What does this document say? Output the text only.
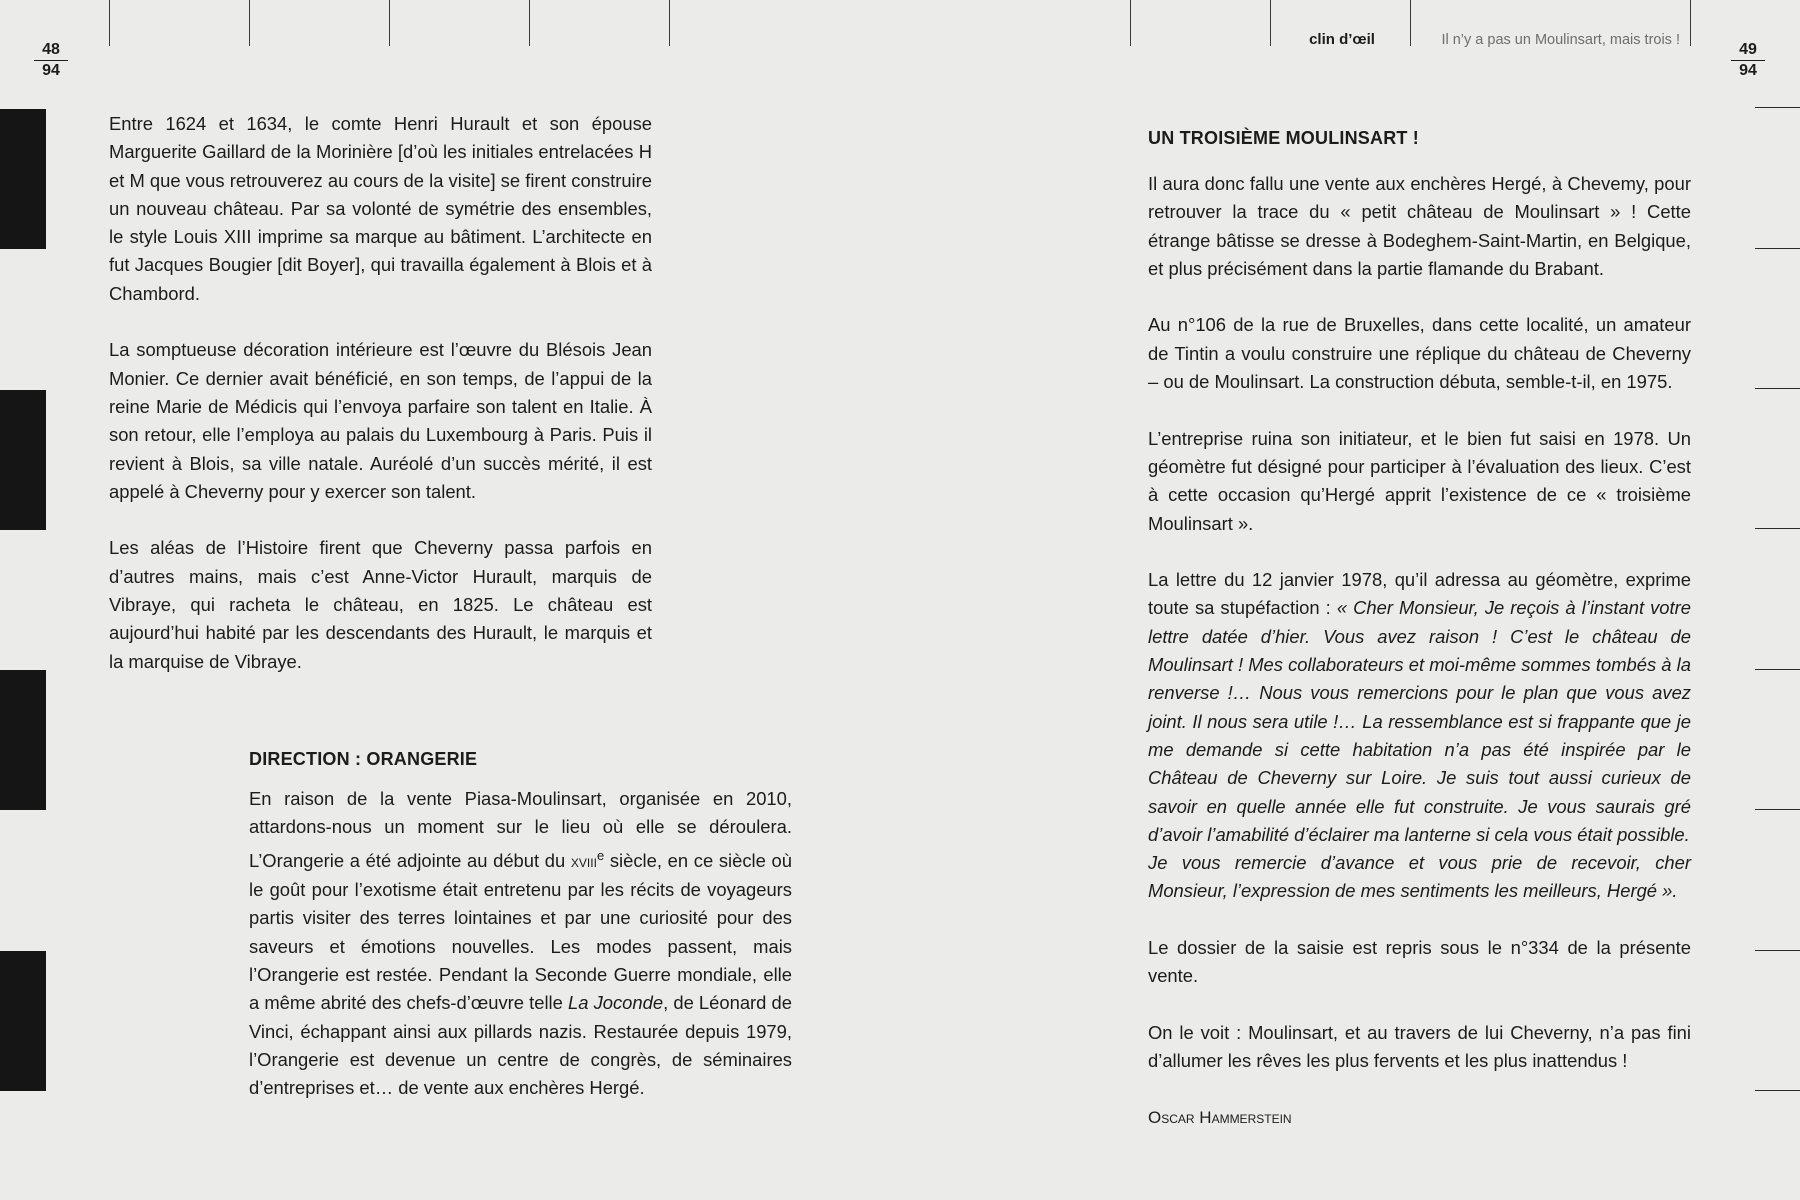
48
94
49
94
clin d’œil	Il n’y a pas un Moulinsart, mais trois !

Entre 1624 et 1634, le comte Henri Hurault et son épouse Marguerite Gaillard de la Morinière [d’où les initiales entrelacées H et M que vous retrouverez au cours de la visite] se firent construire un nouveau château. Par sa volonté de symétrie des ensembles, le style Louis XIII imprime sa marque au bâtiment. L’architecte en fut Jacques Bougier [dit Boyer], qui travailla également à Blois et à Chambord.

La somptueuse décoration intérieure est l’œuvre du Blésois Jean Monier. Ce dernier avait bénéficié, en son temps, de l’appui de la reine Marie de Médicis qui l’envoya parfaire son talent en Italie. À son retour, elle l’employa au palais du Luxembourg à Paris. Puis il revient à Blois, sa ville natale. Auréolé d’un succès mérité, il est appelé à Cheverny pour y exercer son talent.

Les aléas de l’Histoire firent que Cheverny passa parfois en d’autres mains, mais c’est Anne-Victor Hurault, marquis de Vibraye, qui racheta le château, en 1825. Le château est aujourd’hui habité par les descendants des Hurault, le marquis et la marquise de Vibraye.

DIRECTION : ORANGERIE

En raison de la vente Piasa-Moulinsart, organisée en 2010, attardons-nous un moment sur le lieu où elle se déroulera. L’Orangerie a été adjointe au début du xviii$^e$ siècle, en ce siècle où le goût pour l’exotisme était entretenu par les récits de voyageurs partis visiter des terres lointaines et par une curiosité pour des saveurs et émotions nouvelles. Les modes passent, mais l’Orangerie est restée. Pendant la Seconde Guerre mondiale, elle a même abrité des chefs-d’œuvre telle La Joconde, de Léonard de Vinci, échappant ainsi aux pillards nazis. Restaurée depuis 1979, l’Orangerie est devenue un centre de congrès, de séminaires d’entreprises et… de vente aux enchères Hergé.

UN TROISIÈME MOULINSART !

Il aura donc fallu une vente aux enchères Hergé, à Chevemy, pour retrouver la trace du « petit château de Moulinsart » ! Cette étrange bâtisse se dresse à Bodeghem-Saint-Martin, en Belgique, et plus précisément dans la partie flamande du Brabant.

Au n°106 de la rue de Bruxelles, dans cette localité, un amateur de Tintin a voulu construire une réplique du château de Cheverny – ou de Moulinsart. La construction débuta, semble-t-il, en 1975.

L’entreprise ruina son initiateur, et le bien fut saisi en 1978. Un géomètre fut désigné pour participer à l’évaluation des lieux. C’est à cette occasion qu’Hergé apprit l’existence de ce « troisième Moulinsart ».

La lettre du 12 janvier 1978, qu’il adressa au géomètre, exprime toute sa stupéfaction : « Cher Monsieur, Je reçois à l’instant votre lettre datée d’hier. Vous avez raison ! C’est le château de Moulinsart ! Mes collaborateurs et moi-même sommes tombés à la renverse !… Nous vous remercions pour le plan que vous avez joint. Il nous sera utile !… La ressemblance est si frappante que je me demande si cette habitation n’a pas été inspirée par le Château de Cheverny sur Loire. Je suis tout aussi curieux de savoir en quelle année elle fut construite. Je vous saurais gré d’avoir l’amabilité d’éclairer ma lanterne si cela vous était possible.
Je vous remercie d’avance et vous prie de recevoir, cher Monsieur, l’expression de mes sentiments les meilleurs, Hergé ».

Le dossier de la saisie est repris sous le n°334 de la présente vente.

On le voit : Moulinsart, et au travers de lui Cheverny, n’a pas fini d’allumer les rêves les plus fervents et les plus inattendus !

Oscar Hammerstein
